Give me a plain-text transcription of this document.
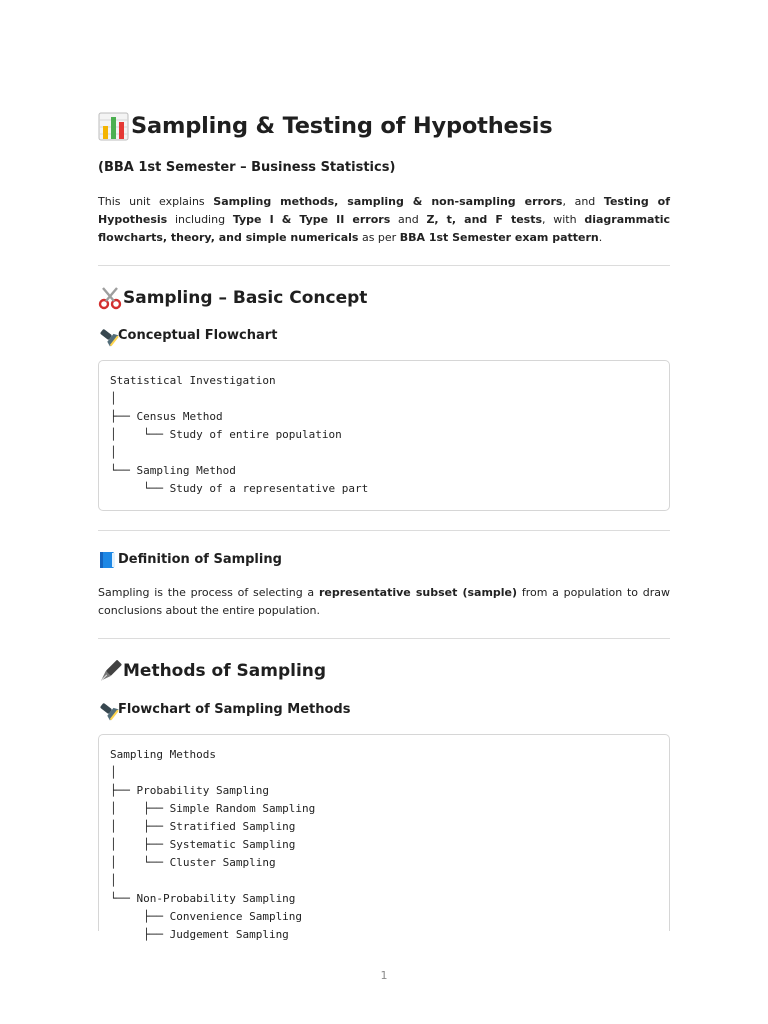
Sampling & Testing of Hypothesis
(BBA 1st Semester – Business Statistics)

This unit explains Sampling methods, sampling & non-sampling errors, and Testing of Hypothesis including Type I & Type II errors and Z, t, and F tests, with diagrammatic flowcharts, theory, and simple numericals as per BBA 1st Semester exam pattern.

Sampling – Basic Concept
Conceptual Flowchart
Statistical Investigation
│
├── Census Method
│    └── Study of entire population
│
└── Sampling Method
└── Study of a representative part
Definition of Sampling

Sampling is the process of selecting a representative subset (sample) from a population to draw conclusions about the entire population.

Methods of Sampling
Flowchart of Sampling Methods
Sampling Methods
│
├── Probability Sampling
│    ├── Simple Random Sampling
│    ├── Stratified Sampling
│    ├── Systematic Sampling
│    └── Cluster Sampling
│
└── Non-Probability Sampling
├── Convenience Sampling
├── Judgement Sampling
1
